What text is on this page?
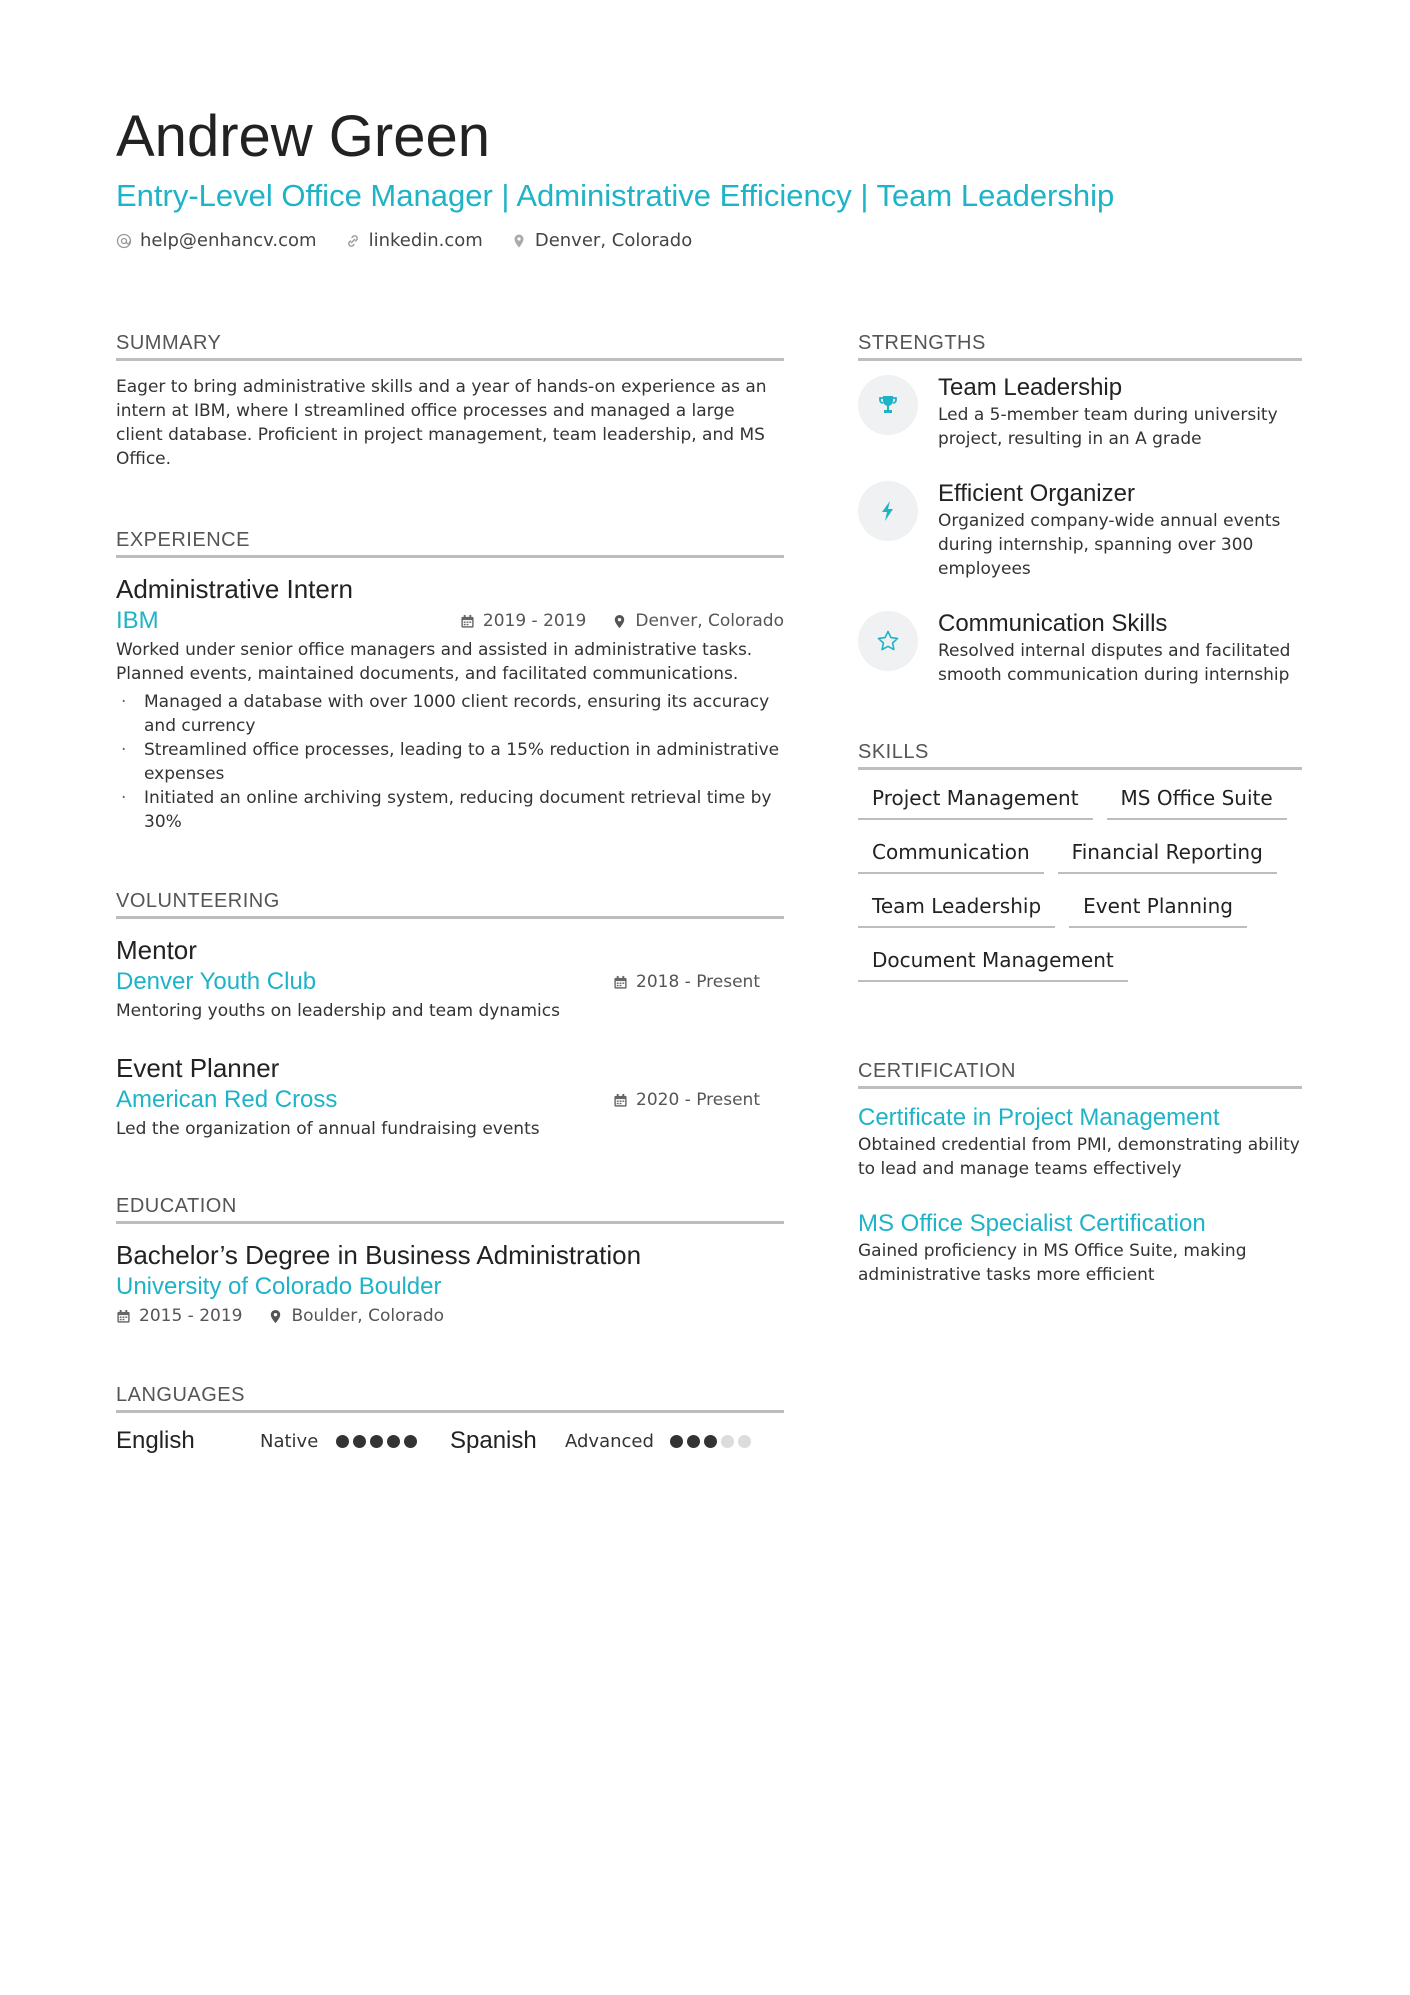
Andrew Green
Entry-Level Office Manager | Administrative Efficiency | Team Leadership
help@enhancv.com	linkedin.com	Denver, Colorado
SUMMARY
Eager to bring administrative skills and a year of hands-on experience as an intern at IBM, where I streamlined office processes and managed a large client database. Proficient in project management, team leadership, and MS Office.
EXPERIENCE
Administrative Intern
IBM	2019 - 2019	Denver, Colorado
Worked under senior office managers and assisted in administrative tasks. Planned events, maintained documents, and facilitated communications.
· Managed a database with over 1000 client records, ensuring its accuracy and currency
· Streamlined office processes, leading to a 15% reduction in administrative expenses
· Initiated an online archiving system, reducing document retrieval time by 30%
VOLUNTEERING
Mentor
Denver Youth Club	2018 - Present
Mentoring youths on leadership and team dynamics
Event Planner
American Red Cross	2020 - Present
Led the organization of annual fundraising events
EDUCATION
Bachelor’s Degree in Business Administration
University of Colorado Boulder
2015 - 2019	Boulder, Colorado
LANGUAGES
English	Native	Spanish	Advanced
STRENGTHS
Team Leadership
Led a 5-member team during university project, resulting in an A grade
Efficient Organizer
Organized company-wide annual events during internship, spanning over 300 employees
Communication Skills
Resolved internal disputes and facilitated smooth communication during internship
SKILLS
Project Management	MS Office Suite
Communication	Financial Reporting
Team Leadership	Event Planning
Document Management
CERTIFICATION
Certificate in Project Management
Obtained credential from PMI, demonstrating ability to lead and manage teams effectively
MS Office Specialist Certification
Gained proficiency in MS Office Suite, making administrative tasks more efficient
